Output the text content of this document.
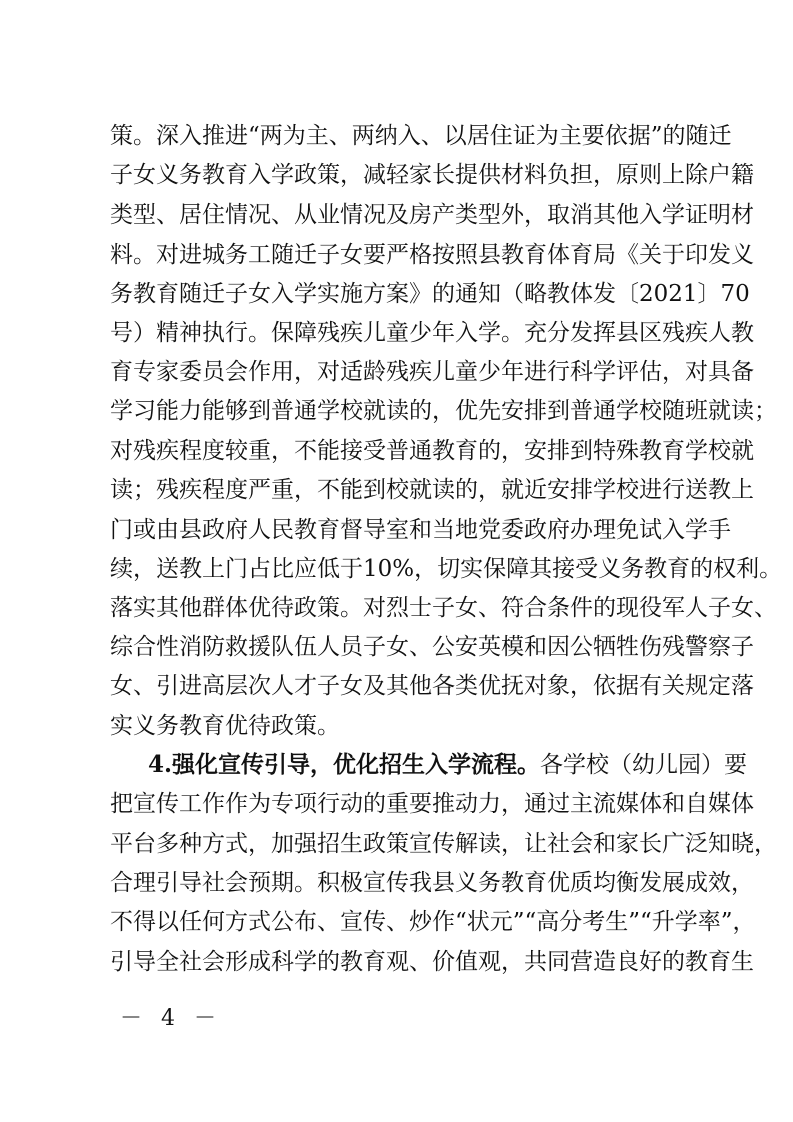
策。深入推进“两为主、两纳入、以居住证为主要依据”的随迁
子女义务教育入学政策，减轻家长提供材料负担，原则上除户籍
类型、居住情况、从业情况及房产类型外，取消其他入学证明材
料。对进城务工随迁子女要严格按照县教育体育局《关于印发义
务教育随迁子女入学实施方案》的通知（略教体发〔2021〕70
号）精神执行。保障残疾儿童少年入学。充分发挥县区残疾人教
育专家委员会作用，对适龄残疾儿童少年进行科学评估，对具备
学习能力能够到普通学校就读的，优先安排到普通学校随班就读；
对残疾程度较重，不能接受普通教育的，安排到特殊教育学校就
读；残疾程度严重，不能到校就读的，就近安排学校进行送教上
门或由县政府人民教育督导室和当地党委政府办理免试入学手
续，送教上门占比应低于10%，切实保障其接受义务教育的权利。
落实其他群体优待政策。对烈士子女、符合条件的现役军人子女、
综合性消防救援队伍人员子女、公安英模和因公牺牲伤残警察子
女、引进高层次人才子女及其他各类优抚对象，依据有关规定落
实义务教育优待政策。
4.强化宣传引导，优化招生入学流程。各学校（幼儿园）要
把宣传工作作为专项行动的重要推动力，通过主流媒体和自媒体
平台多种方式，加强招生政策宣传解读，让社会和家长广泛知晓，
合理引导社会预期。积极宣传我县义务教育优质均衡发展成效，
不得以任何方式公布、宣传、炒作“状元”“高分考生”“升学率”，
引导全社会形成科学的教育观、价值观，共同营造良好的教育生
－ 4 －
